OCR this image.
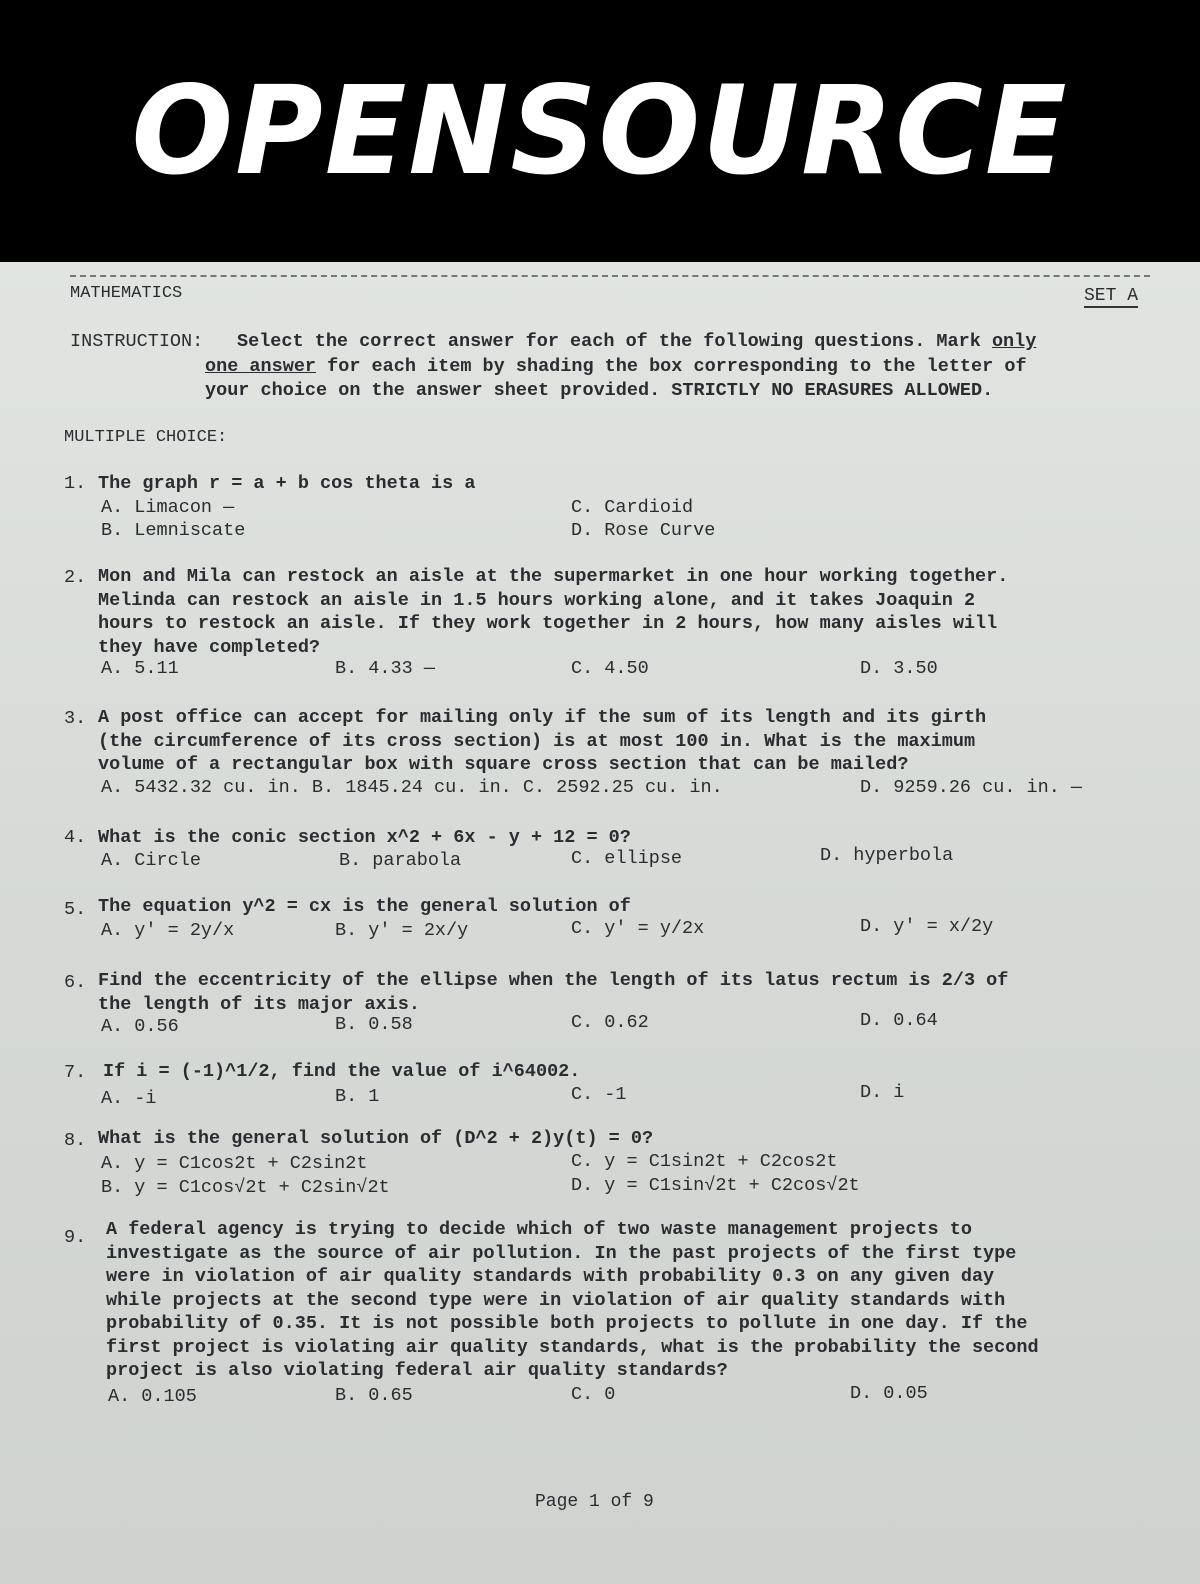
OPENSOURCE
MATHEMATICS	SET A
INSTRUCTION: Select the correct answer for each of the following questions. Mark only
one answer for each item by shading the box corresponding to the letter of
your choice on the answer sheet provided. STRICTLY NO ERASURES ALLOWED.
MULTIPLE CHOICE:
1. The graph r = a + b cos theta is a
A. Limacon —	C. Cardioid
B. Lemniscate	D. Rose Curve
2. Mon and Mila can restock an aisle at the supermarket in one hour working together.
Melinda can restock an aisle in 1.5 hours working alone, and it takes Joaquin 2
hours to restock an aisle. If they work together in 2 hours, how many aisles will
they have completed?
A. 5.11	B. 4.33 —	C. 4.50	D. 3.50
3. A post office can accept for mailing only if the sum of its length and its girth
(the circumference of its cross section) is at most 100 in. What is the maximum
volume of a rectangular box with square cross section that can be mailed?
A. 5432.32 cu. in. B. 1845.24 cu. in. C. 2592.25 cu. in.	D. 9259.26 cu. in. —
4. What is the conic section x^2 + 6x - y + 12 = 0?
A. Circle	B. parabola	C. ellipse	D. hyperbola
5. The equation y^2 = cx is the general solution of
A. y′ = 2y/x	B. y′ = 2x/y	C. y′ = y/2x	D. y′ = x/2y
6. Find the eccentricity of the ellipse when the length of its latus rectum is 2/3 of
the length of its major axis.
A. 0.56	B. 0.58	C. 0.62	D. 0.64
7. If i = (-1)^1/2, find the value of i^64002.
A. -i	B. 1	C. -1	D. i
8. What is the general solution of (D^2 + 2)y(t) = 0?
A. y = C1cos2t + C2sin2t	C. y = C1sin2t + C2cos2t
B. y = C1cos√2t + C2sin√2t	D. y = C1sin√2t + C2cos√2t
9. A federal agency is trying to decide which of two waste management projects to
investigate as the source of air pollution. In the past projects of the first type
were in violation of air quality standards with probability 0.3 on any given day
while projects at the second type were in violation of air quality standards with
probability of 0.35. It is not possible both projects to pollute in one day. If the
first project is violating air quality standards, what is the probability the second
project is also violating federal air quality standards?
A. 0.105	B. 0.65	C. 0	D. 0.05
Page 1 of 9
